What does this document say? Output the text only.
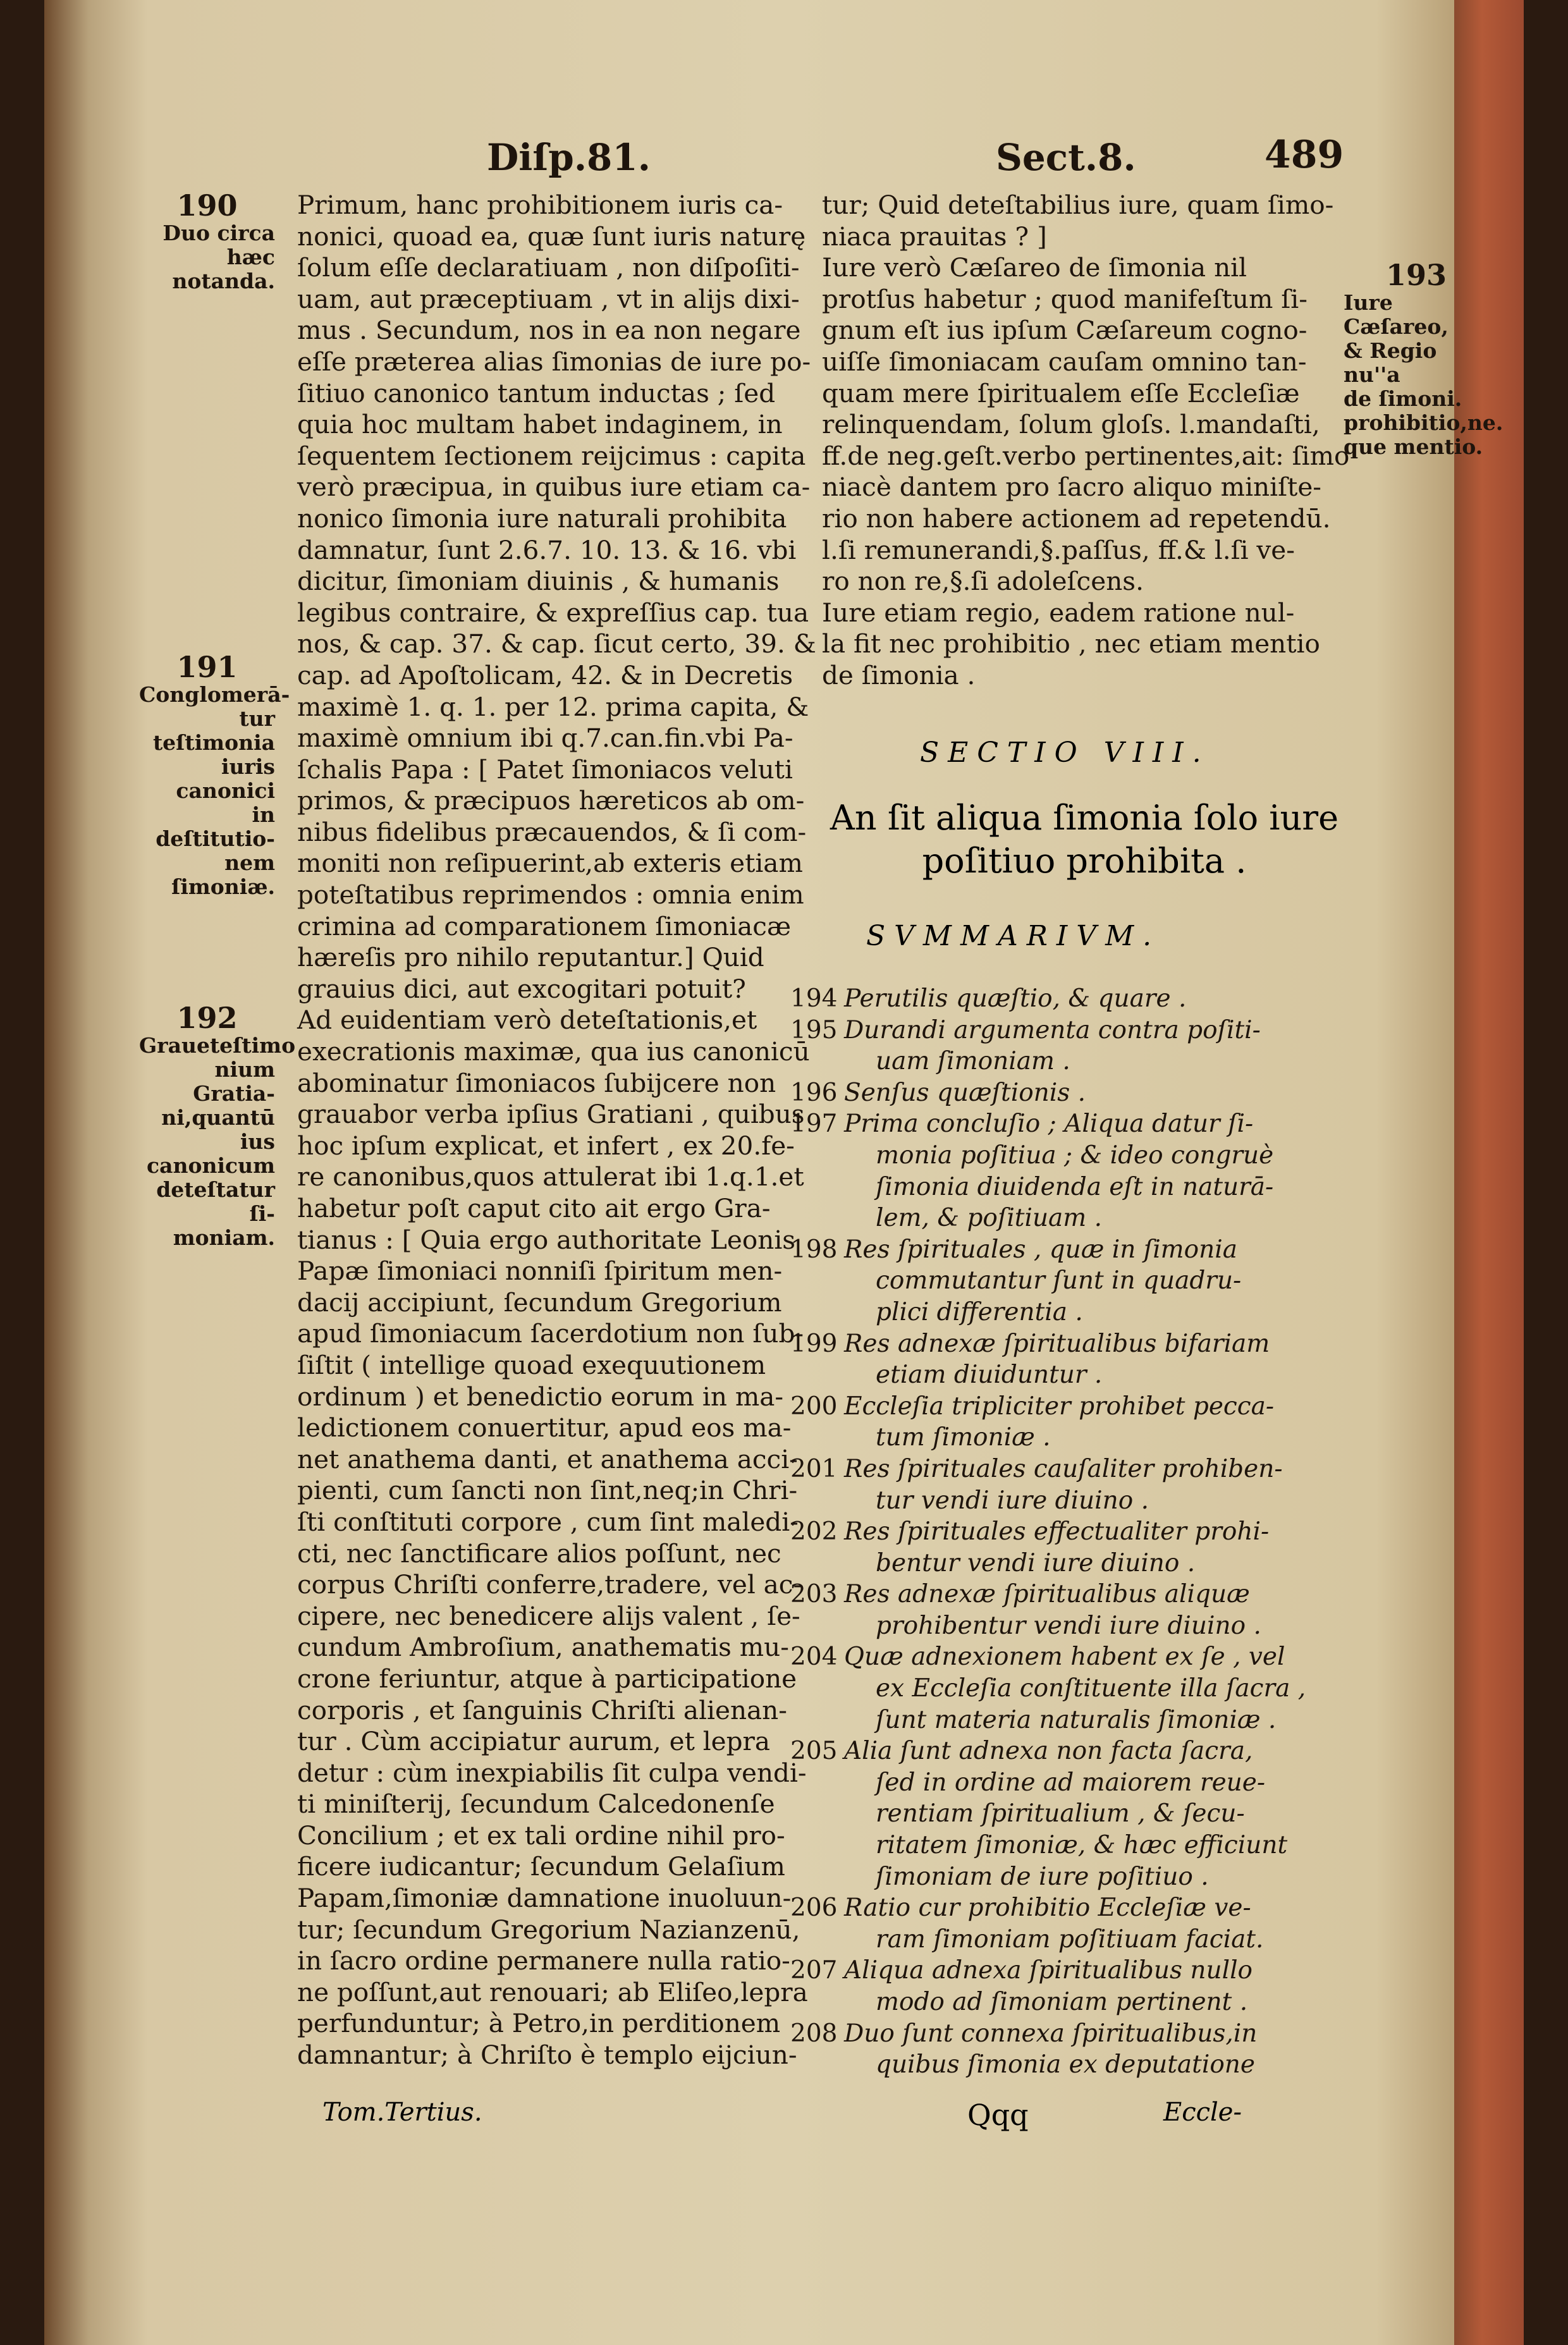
Diſp.81.	Sect.8.	489
190
Duo circa hæc
notanda.
191
Conglomerā-
tur teſtimonia
iuris canonici
in deſtitutio-
nem ſimoniæ.
192
Graueteſtimo
nium Gratia-
ni,quantū ius
canonicum
deteſtatur ſi-
moniam.
193
Iure Cæſareo,
& Regio nu''a
de ſimoni.
prohibitio,ne.
que mentio.
Primum, hanc prohibitionem iuris ca-
nonici, quoad ea, quæ ſunt iuris naturę
ſolum eſſe declaratiuam , non diſpoſiti-
uam, aut præceptiuam , vt in alijs dixi-
mus . Secundum, nos in ea non negare
eſſe præterea alias ſimonias de iure po-
ſitiuo canonico tantum inductas ; ſed
quia hoc multam habet indaginem, in
ſequentem ſectionem reijcimus : capita
verò præcipua, in quibus iure etiam ca-
nonico ſimonia iure naturali prohibita
damnatur, ſunt 2.6.7. 10. 13. & 16. vbi
dicitur, ſimoniam diuinis , & humanis
legibus contraire, & expreſſius cap. tua
nos, & cap. 37. & cap. ſicut certo, 39. &
cap. ad Apoſtolicam, 42. & in Decretis
maximè 1. q. 1. per 12. prima capita, &
maximè omnium ibi q.7.can.fin.vbi Pa-
ſchalis Papa : [ Patet ſimoniacos veluti
primos, & præcipuos hæreticos ab om-
nibus fidelibus præcauendos, & ſi com-
moniti non reſipuerint,ab exteris etiam
poteſtatibus reprimendos : omnia enim
crimina ad comparationem ſimoniacæ
hæreſis pro nihilo reputantur.] Quid
grauius dici, aut excogitari potuit?
Ad euidentiam verò deteſtationis,et
execrationis maximæ, qua ius canonicū
abominatur ſimoniacos ſubijcere non
grauabor verba ipſius Gratiani , quibus
hoc ipſum explicat, et infert , ex 20.fe-
re canonibus,quos attulerat ibi 1.q.1.et
habetur poſt caput cito ait ergo Gra-
tianus : [ Quia ergo authoritate Leonis
Papæ ſimoniaci nonniſi ſpiritum men-
dacij accipiunt, ſecundum Gregorium
apud ſimoniacum ſacerdotium non ſub-
ſiſtit ( intellige quoad exequutionem
ordinum ) et benedictio eorum in ma-
ledictionem conuertitur, apud eos ma-
net anathema danti, et anathema acci-
pienti, cum ſancti non ſint,neq;in Chri-
ſti conſtituti corpore , cum ſint maledi-
cti, nec ſanctificare alios poſſunt, nec
corpus Chriſti conferre,tradere, vel ac-
cipere, nec benedicere alijs valent , ſe-
cundum Ambroſium, anathematis mu-
crone feriuntur, atque à participatione
corporis , et ſanguinis Chriſti alienan-
tur . Cùm accipiatur aurum, et lepra
detur : cùm inexpiabilis ſit culpa vendi-
ti miniſterij, ſecundum Calcedonenſe
Concilium ; et ex tali ordine nihil pro-
ficere iudicantur; ſecundum Gelaſium
Papam,ſimoniæ damnatione inuoluun-
tur; ſecundum Gregorium Nazianzenū,
in ſacro ordine permanere nulla ratio-
ne poſſunt,aut renouari; ab Eliſeo,lepra
perfunduntur; à Petro,in perditionem
damnantur; à Chriſto è templo eijciun-
tur; Quid deteſtabilius iure, quam ſimo-
niaca prauitas ? ]
Iure verò Cæſareo de ſimonia nil
protſus habetur ; quod manifeſtum ſi-
gnum eſt ius ipſum Cæſareum cogno-
uiſſe ſimoniacam cauſam omnino tan-
quam mere ſpiritualem eſſe Eccleſiæ
relinquendam, ſolum gloſs. l.mandaſti,
ff.de neg.geſt.verbo pertinentes,ait: ſimo
niacè dantem pro ſacro aliquo miniſte-
rio non habere actionem ad repetendū.
l.ſi remunerandi,§.paſſus, ff.& l.ſi ve-
ro non re,§.ſi adoleſcens.
Iure etiam regio, eadem ratione nul-
la fit nec prohibitio , nec etiam mentio
de ſimonia .
SECTIO VIII.
An ſit aliqua ſimonia ſolo iure
poſitiuo prohibita .
SVMMARIVM.
194 Perutilis quæſtio, & quare .
195 Durandi argumenta contra poſiti-
uam ſimoniam .
196 Senſus quæſtionis .
197 Prima concluſio ; Aliqua datur ſi-
monia poſitiua ; & ideo congruè
ſimonia diuidenda eſt in naturā-
lem, & poſitiuam .
198 Res ſpirituales , quæ in ſimonia
commutantur ſunt in quadru-
plici differentia .
199 Res adnexæ ſpiritualibus bifariam
etiam diuiduntur .
200 Eccleſia tripliciter prohibet pecca-
tum ſimoniæ .
201 Res ſpirituales cauſaliter prohiben-
tur vendi iure diuino .
202 Res ſpirituales effectualiter prohi-
bentur vendi iure diuino .
203 Res adnexæ ſpiritualibus aliquæ
prohibentur vendi iure diuino .
204 Quæ adnexionem habent ex ſe , vel
ex Eccleſia conſtituente illa ſacra ,
ſunt materia naturalis ſimoniæ .
205 Alia ſunt adnexa non facta ſacra,
ſed in ordine ad maiorem reue-
rentiam ſpiritualium , & ſecu-
ritatem ſimoniæ, & hæc efficiunt
ſimoniam de iure poſitiuo .
206 Ratio cur prohibitio Eccleſiæ ve-
ram ſimoniam poſitiuam faciat.
207 Aliqua adnexa ſpiritualibus nullo
modo ad ſimoniam pertinent .
208 Duo ſunt connexa ſpiritualibus,in
quibus ſimonia ex deputatione
Tom.Tertius.	Qqq	Eccle-
